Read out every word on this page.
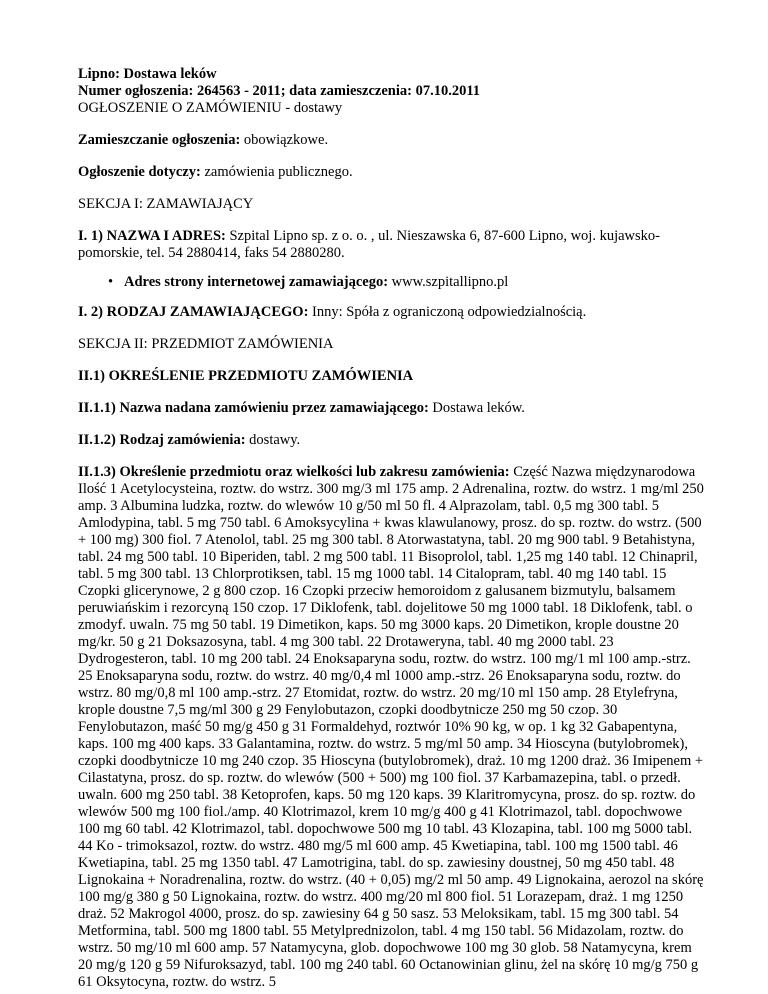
Lipno: Dostawa leków
Numer ogłoszenia: 264563 - 2011; data zamieszczenia: 07.10.2011
OGŁOSZENIE O ZAMÓWIENIU - dostawy

Zamieszczanie ogłoszenia: obowiązkowe.

Ogłoszenie dotyczy: zamówienia publicznego.

SEKCJA I: ZAMAWIAJĄCY

I. 1) NAZWA I ADRES: Szpital Lipno sp. z o. o. , ul. Nieszawska 6, 87-600 Lipno, woj. kujawsko-pomorskie, tel. 54 2880414, faks 54 2880280.

• Adres strony internetowej zamawiającego: www.szpitallipno.pl

I. 2) RODZAJ ZAMAWIAJĄCEGO: Inny: Spóła z ograniczoną odpowiedzialnością.

SEKCJA II: PRZEDMIOT ZAMÓWIENIA

II.1) OKREŚLENIE PRZEDMIOTU ZAMÓWIENIA

II.1.1) Nazwa nadana zamówieniu przez zamawiającego: Dostawa leków.

II.1.2) Rodzaj zamówienia: dostawy.

II.1.3) Określenie przedmiotu oraz wielkości lub zakresu zamówienia: Część Nazwa międzynarodowa Ilość 1 Acetylocysteina, roztw. do wstrz. 300 mg/3 ml 175 amp. 2 Adrenalina, roztw. do wstrz. 1 mg/ml 250 amp. 3 Albumina ludzka, roztw. do wlewów 10 g/50 ml 50 fl. 4 Alprazolam, tabl. 0,5 mg 300 tabl. 5 Amlodypina, tabl. 5 mg 750 tabl. 6 Amoksycylina + kwas klawulanowy, prosz. do sp. roztw. do wstrz. (500 + 100 mg) 300 fiol. 7 Atenolol, tabl. 25 mg 300 tabl. 8 Atorwastatyna, tabl. 20 mg 900 tabl. 9 Betahistyna, tabl. 24 mg 500 tabl. 10 Biperiden, tabl. 2 mg 500 tabl. 11 Bisoprolol, tabl. 1,25 mg 140 tabl. 12 Chinapril, tabl. 5 mg 300 tabl. 13 Chlorprotiksen, tabl. 15 mg 1000 tabl. 14 Citalopram, tabl. 40 mg 140 tabl. 15 Czopki glicerynowe, 2 g 800 czop. 16 Czopki przeciw hemoroidom z galusanem bizmutylu, balsamem peruwiańskim i rezorcyną 150 czop. 17 Diklofenk, tabl. dojelitowe 50 mg 1000 tabl. 18 Diklofenk, tabl. o zmodyf. uwaln. 75 mg 50 tabl. 19 Dimetikon, kaps. 50 mg 3000 kaps. 20 Dimetikon, krople doustne 20 mg/kr. 50 g 21 Doksazosyna, tabl. 4 mg 300 tabl. 22 Drotaweryna, tabl. 40 mg 2000 tabl. 23 Dydrogesteron, tabl. 10 mg 200 tabl. 24 Enoksaparyna sodu, roztw. do wstrz. 100 mg/1 ml 100 amp.-strz. 25 Enoksaparyna sodu, roztw. do wstrz. 40 mg/0,4 ml 1000 amp.-strz. 26 Enoksaparyna sodu, roztw. do wstrz. 80 mg/0,8 ml 100 amp.-strz. 27 Etomidat, roztw. do wstrz. 20 mg/10 ml 150 amp. 28 Etylefryna, krople doustne 7,5 mg/ml 300 g 29 Fenylobutazon, czopki doodbytnicze 250 mg 50 czop. 30 Fenylobutazon, maść 50 mg/g 450 g 31 Formaldehyd, roztwór 10% 90 kg, w op. 1 kg 32 Gabapentyna, kaps. 100 mg 400 kaps. 33 Galantamina, roztw. do wstrz. 5 mg/ml 50 amp. 34 Hioscyna (butylobromek), czopki doodbytnicze 10 mg 240 czop. 35 Hioscyna (butylobromek), draż. 10 mg 1200 draż. 36 Imipenem + Cilastatyna, prosz. do sp. roztw. do wlewów (500 + 500) mg 100 fiol. 37 Karbamazepina, tabl. o przedł. uwaln. 600 mg 250 tabl. 38 Ketoprofen, kaps. 50 mg 120 kaps. 39 Klaritromycyna, prosz. do sp. roztw. do wlewów 500 mg 100 fiol./amp. 40 Klotrimazol, krem 10 mg/g 400 g 41 Klotrimazol, tabl. dopochwowe 100 mg 60 tabl. 42 Klotrimazol, tabl. dopochwowe 500 mg 10 tabl. 43 Klozapina, tabl. 100 mg 5000 tabl. 44 Ko - trimoksazol, roztw. do wstrz. 480 mg/5 ml 600 amp. 45 Kwetiapina, tabl. 100 mg 1500 tabl. 46 Kwetiapina, tabl. 25 mg 1350 tabl. 47 Lamotrigina, tabl. do sp. zawiesiny doustnej, 50 mg 450 tabl. 48 Lignokaina + Noradrenalina, roztw. do wstrz. (40 + 0,05) mg/2 ml 50 amp. 49 Lignokaina, aerozol na skórę 100 mg/g 380 g 50 Lignokaina, roztw. do wstrz. 400 mg/20 ml 800 fiol. 51 Lorazepam, draż. 1 mg 1250 draż. 52 Makrogol 4000, prosz. do sp. zawiesiny 64 g 50 sasz. 53 Meloksikam, tabl. 15 mg 300 tabl. 54 Metformina, tabl. 500 mg 1800 tabl. 55 Metylprednizolon, tabl. 4 mg 150 tabl. 56 Midazolam, roztw. do wstrz. 50 mg/10 ml 600 amp. 57 Natamycyna, glob. dopochwowe 100 mg 30 glob. 58 Natamycyna, krem 20 mg/g 120 g 59 Nifuroksazyd, tabl. 100 mg 240 tabl. 60 Octanowinian glinu, żel na skórę 10 mg/g 750 g 61 Oksytocyna, roztw. do wstrz. 5
